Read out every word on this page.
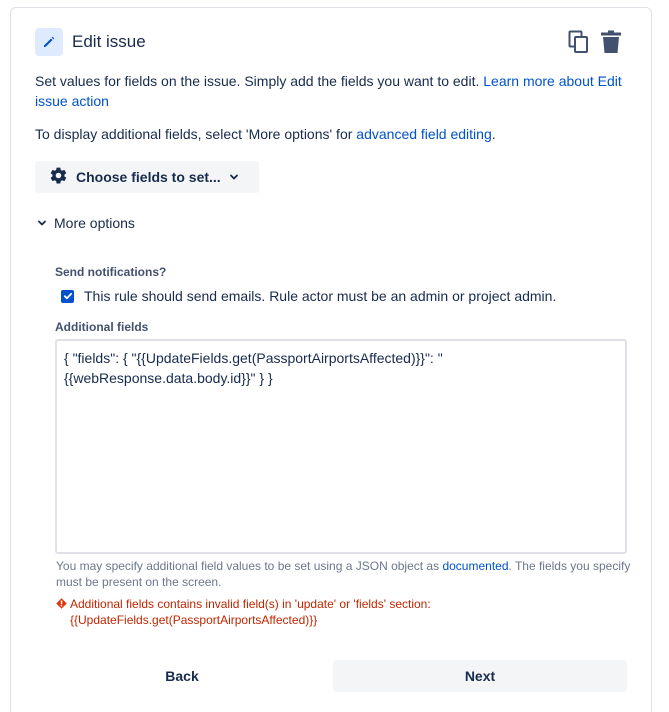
Edit issue

Set values for fields on the issue. Simply add the fields you want to edit. Learn more about Edit issue action

To display additional fields, select 'More options' for advanced field editing.

Choose fields to set...
More options
Send notifications?
This rule should send emails. Rule actor must be an admin or project admin.
Additional fields
{ "fields": { "{{UpdateFields.get(PassportAirportsAffected)}}": "{{webResponse.data.body.id}}" } }

You may specify additional field values to be set using a JSON object as documented. The fields you specify must be present on the screen.

Additional fields contains invalid field(s) in 'update' or 'fields' section: {{UpdateFields.get(PassportAirportsAffected)}}
Back	Next
